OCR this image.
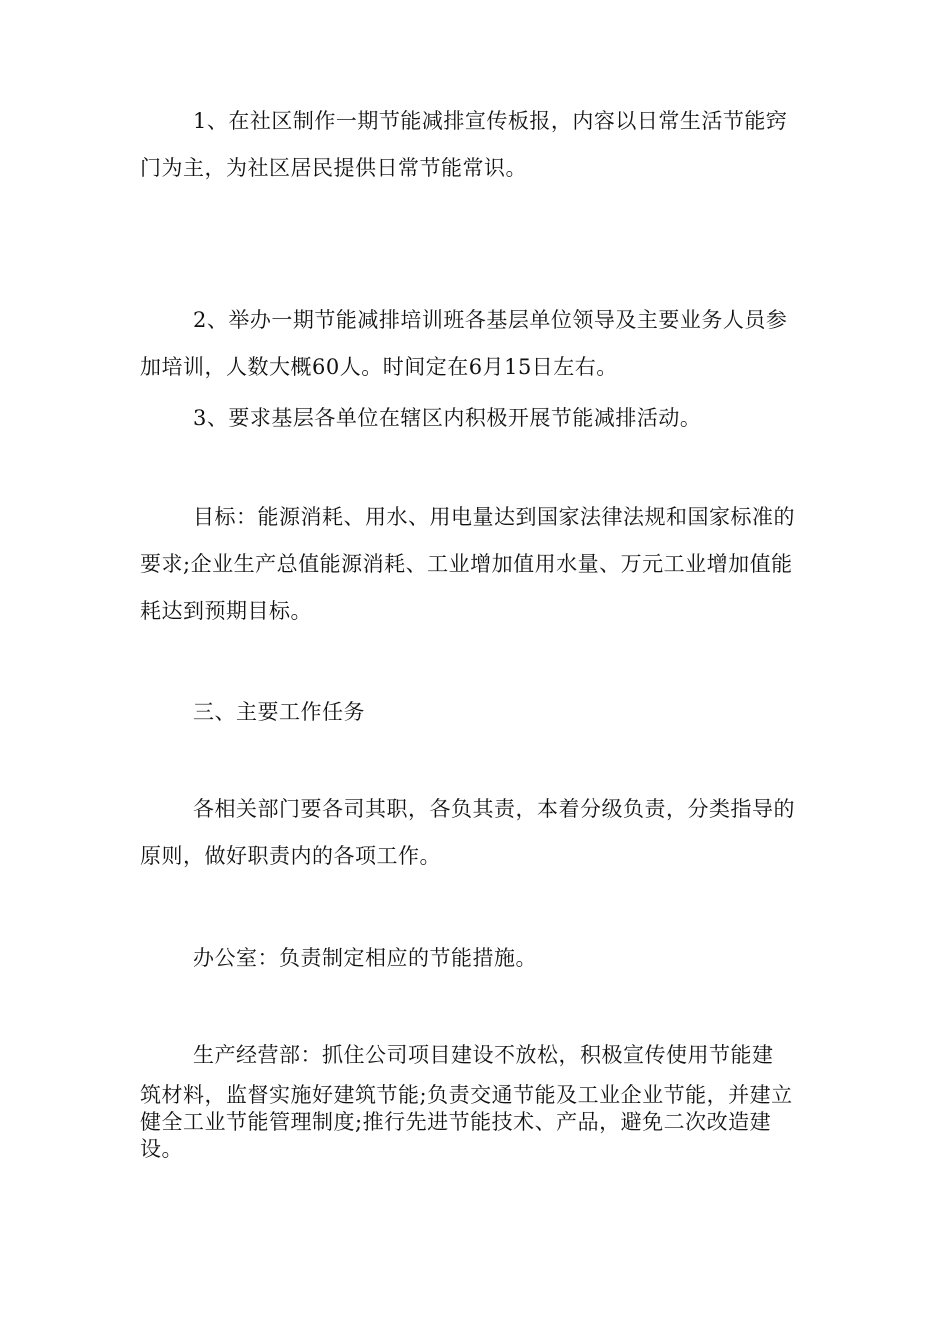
1、在社区制作一期节能减排宣传板报，内容以日常生活节能窍门为主，为社区居民提供日常节能常识。

2、举办一期节能减排培训班各基层单位领导及主要业务人员参加培训，人数大概60人。时间定在6月15日左右。

3、要求基层各单位在辖区内积极开展节能减排活动。

目标：能源消耗、用水、用电量达到国家法律法规和国家标准的要求;企业生产总值能源消耗、工业增加值用水量、万元工业增加值能耗达到预期目标。

三、主要工作任务

各相关部门要各司其职，各负其责，本着分级负责，分类指导的原则，做好职责内的各项工作。

办公室：负责制定相应的节能措施。

生产经营部：抓住公司项目建设不放松，积极宣传使用节能建
筑材料，监督实施好建筑节能;负责交通节能及工业企业节能，并建立健全工业节能管理制度;推行先进节能技术、产品，避免二次改造建设。
